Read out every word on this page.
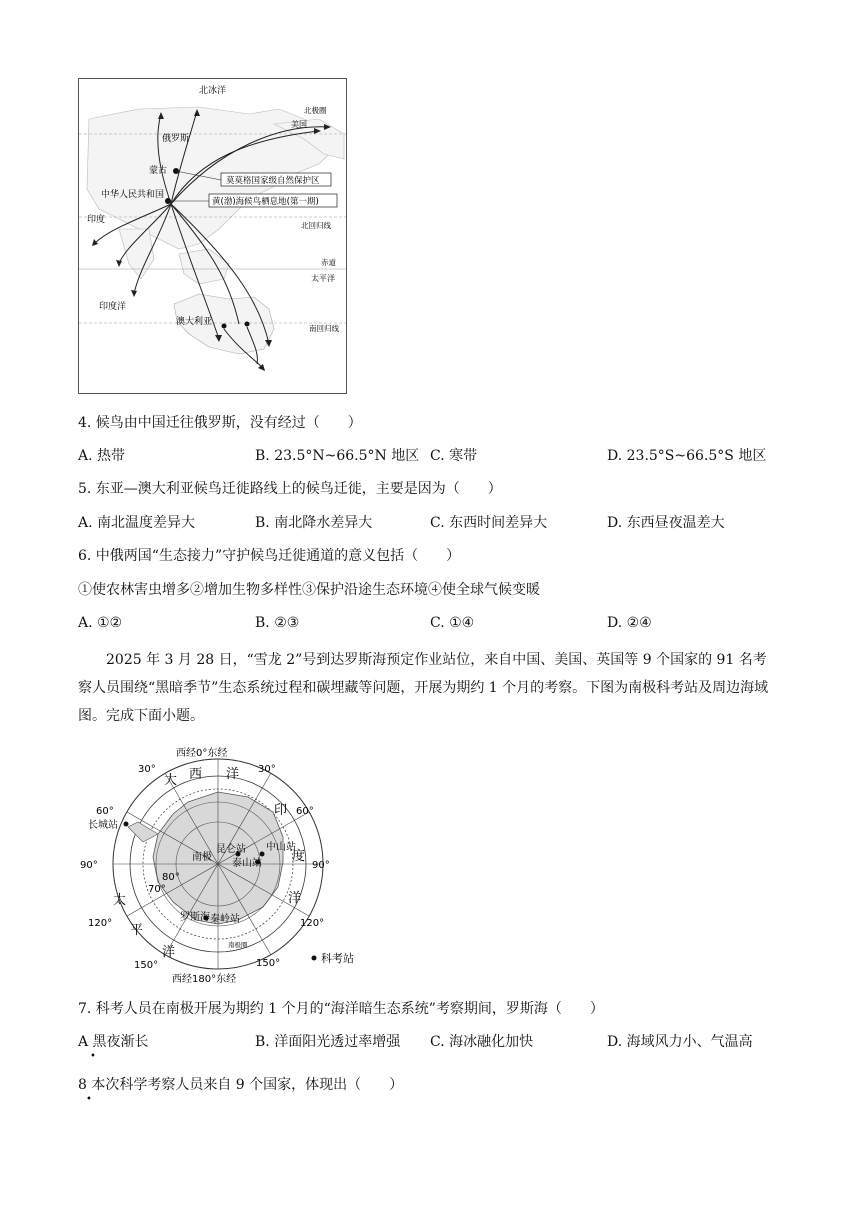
莫莫格国家级自然保护区
黄(渤)海候鸟栖息地(第一期)
北冰洋
北极圈
美国
俄罗斯
蒙古
中华人民共和国
印度
北回归线
赤道
太平洋
印度洋
澳大利亚
南回归线
4. 候鸟由中国迁往俄罗斯，没有经过（　　）
A. 热带	B. 23.5°N~66.5°N 地区 C. 寒带	D. 23.5°S~66.5°S 地区
5. 东亚—澳大利亚候鸟迁徙路线上的候鸟迁徙，主要是因为（　　）
A. 南北温度差异大	B. 南北降水差异大	C. 东西时间差异大	D. 东西昼夜温差大
6. 中俄两国“生态接力”守护候鸟迁徙通道的意义包括（　　）
①使农林害虫增多②增加生物多样性③保护沿途生态环境④使全球气候变暖
A. ①②	B. ②③	C. ①④	D. ②④
2025 年 3 月 28 日，“雪龙 2”号到达罗斯海预定作业站位，来自中国、美国、英国等 9 个国家的 91 名考察人员围绕“黑暗季节”生态系统过程和碳埋藏等问题，开展为期约 1 个月的考察。下图为南极科考站及周边海域图。完成下面小题。
西经0°东经
西经180°东经
大 西 洋
印
度
洋
太
平
洋
30°	30°
60°	60°
90°	90°
120°	120°
150°	150°
80°
70°
长城站
昆仑站 中山站
泰山站
南极
罗斯海 秦岭站
南极圈
科考站
7. 科考人员在南极开展为期约 1 个月的“海洋暗生态系统”考察期间，罗斯海（　　）
A 黑夜渐长
•
B. 洋面阳光透过率增强 C. 海冰融化加快	D. 海域风力小、气温高
8 本次科学考察人员来自 9 个国家，体现出（　　）
•
